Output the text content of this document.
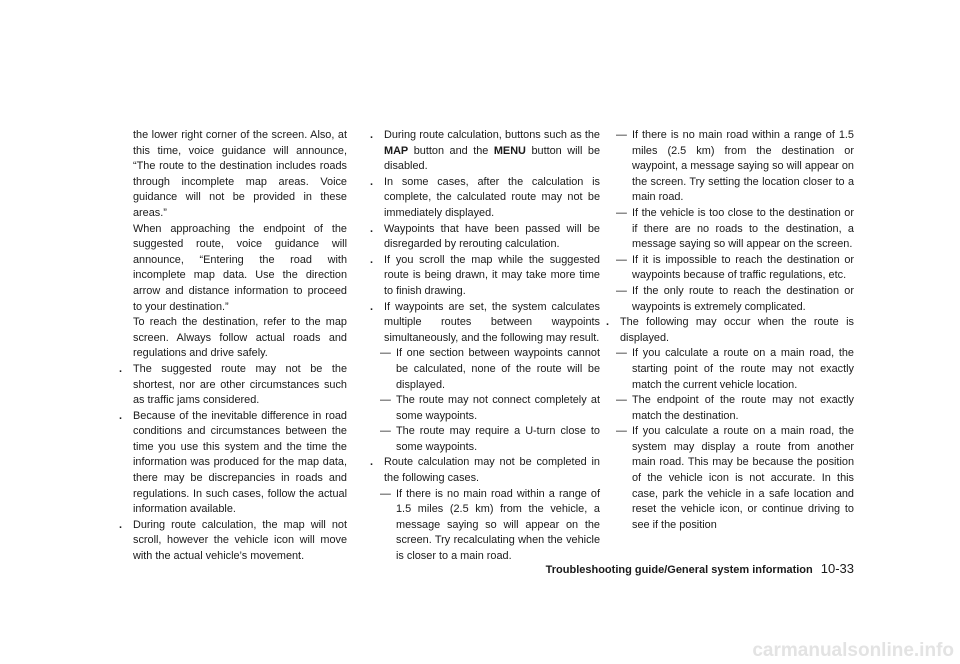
the lower right corner of the screen. Also, at this time, voice guidance will announce, “The route to the destination includes roads through incomplete map areas. Voice guidance will not be provided in these areas.”

When approaching the endpoint of the suggested route, voice guidance will announce, “Entering the road with incomplete map data. Use the direction arrow and distance information to proceed to your destination.”

To reach the destination, refer to the map screen. Always follow actual roads and regulations and drive safely.

. The suggested route may not be the shortest, nor are other circumstances such as traffic jams considered.
. Because of the inevitable difference in road conditions and circumstances between the time you use this system and the time the information was produced for the map data, there may be discrepancies in roads and regulations. In such cases, follow the actual information available.
. During route calculation, the map will not scroll, however the vehicle icon will move with the actual vehicle’s movement.
. During route calculation, buttons such as the MAP button and the MENU button will be disabled.
. In some cases, after the calculation is complete, the calculated route may not be immediately displayed.
. Waypoints that have been passed will be disregarded by rerouting calculation.
. If you scroll the map while the suggested route is being drawn, it may take more time to finish drawing.
. If waypoints are set, the system calculates multiple routes between waypoints simultaneously, and the following may result.
— If one section between waypoints cannot be calculated, none of the route will be displayed.
— The route may not connect completely at some waypoints.
— The route may require a U-turn close to some waypoints.
. Route calculation may not be completed in the following cases.
— If there is no main road within a range of 1.5 miles (2.5 km) from the vehicle, a message saying so will appear on the screen. Try recalculating when the vehicle is closer to a main road.
— If there is no main road within a range of 1.5 miles (2.5 km) from the destination or waypoint, a message saying so will appear on the screen. Try setting the location closer to a main road.
— If the vehicle is too close to the destination or if there are no roads to the destination, a message saying so will appear on the screen.
— If it is impossible to reach the destination or waypoints because of traffic regulations, etc.
— If the only route to reach the destination or waypoints is extremely complicated.
. The following may occur when the route is displayed.
— If you calculate a route on a main road, the starting point of the route may not exactly match the current vehicle location.
— The endpoint of the route may not exactly match the destination.
— If you calculate a route on a main road, the system may display a route from another main road. This may be because the position of the vehicle icon is not accurate. In this case, park the vehicle in a safe location and reset the vehicle icon, or continue driving to see if the position
Troubleshooting guide/General system information 10-33
carmanualsonline.info
